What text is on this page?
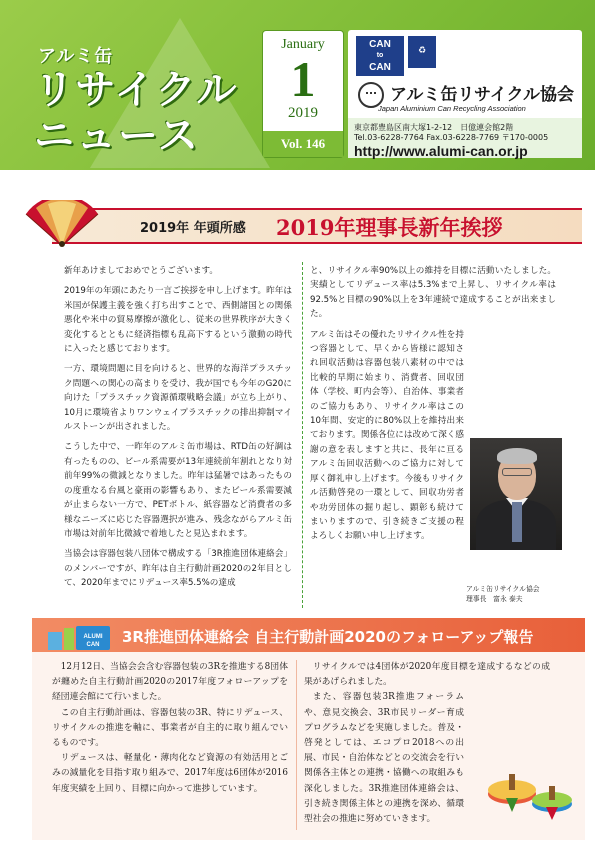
アルミ缶
リサイクル
ニュース
January
1
2019
Vol. 146
CAN
to
CAN
♻
アルミ缶リサイクル協会
Japan Aluminium Can Recycling Association
東京都豊島区南大塚1-2-12　日億連会館2階
Tel.03-6228-7764 Fax.03-6228-7769 〒170-0005
http://www.alumi-can.or.jp
2019年 年頭所感 2019年理事長新年挨拶

新年あけましておめでとうございます。

2019年の年頭にあたり一言ご挨拶を申し上げます。昨年は米国が保護主義を強く打ち出すことで、西側諸国との関係悪化や米中の貿易摩擦が激化し、従来の世界秩序が大きく変化するとともに経済指標も乱高下するという激動の時代に入ったと感じております。

一方、環境問題に目を向けると、世界的な海洋プラスチック問題への関心の高まりを受け、我が国でも今年のG20に向けた「プラスチック資源循環戦略会議」が立ち上がり、10月に環境省よりワンウェイプラスチックの排出抑制マイルストーンが出されました。

こうした中で、一昨年のアルミ缶市場は、RTD缶の好調は有ったものの、ビール系需要が13年連続前年割れとなり対前年99%の微減となりました。昨年は猛暑ではあったものの度重なる台風と豪雨の影響もあり、またビール系需要減が止まらない一方で、PETボトル、紙容器など消費者の多様なニーズに応じた容器選択が進み、残念ながらアルミ缶市場は対前年比微減で着地したと見込まれます。

当協会は容器包装八団体で構成する「3R推進団体連絡会」のメンバーですが、昨年は自主行動計画2020の2年目として、2020年までにリデュース率5.5%の達成

と、リサイクル率90%以上の維持を目標に活動いたしました。実績としてリデュース率は5.3%まで上昇し、リサイクル率は92.5%と目標の90%以上を3年連続で達成することが出来ました。

アルミ缶はその優れたリサイクル性を持つ容器として、早くから皆様に認知され回収活動は容器包装八素材の中では比較的早期に始まり、消費者、回収団体（学校、町内会等）、自治体、事業者のご協力もあり、リサイクル率はこの10年間、安定的に80%以上を維持出来ております。関係各位には改めて深く感謝の意を表しますと共に、長年に亘るアルミ缶回収活動へのご協力に対して厚く御礼申し上げます。今後もリサイクル活動啓発の一環として、回収功労者や功労団体の掘り起し、顕彰も続けてまいりますので、引き続きご支援の程よろしくお願い申し上げます。

アルミ缶リサイクル協会
理事長　富永 泰夫
ALUMI
CAN 3R推進団体連絡会 自主行動計画2020のフォローアップ報告

12月12日、当協会会含む容器包装の3Rを推進する8団体が纏めた自主行動計画2020の2017年度フォローアップを経団連会館にて行いました。

この自主行動計画は、容器包装の3R、特にリデュース、リサイクルの推進を軸に、事業者が自主的に取り組んでいるものです。

リデュースは、軽量化・薄肉化など資源の有効活用とごみの減量化を目指す取り組みで、2017年度は6団体が2016年度実績を上回り、目標に向かって進捗しています。

リサイクルでは4団体が2020年度目標を達成するなどの成果があげられました。

また、容器包装3R推進フォーラムや、意見交換会、3R市民リーダー育成プログラムなどを実施しました。普及・啓発としては、エコプロ2018への出展、市民・自治体などとの交流会を行い関係各主体との連携・協働への取組みも深化しました。3R推進団体連絡会は、引き続き関係主体との連携を深め、循環型社会の推進に努めていきます。
